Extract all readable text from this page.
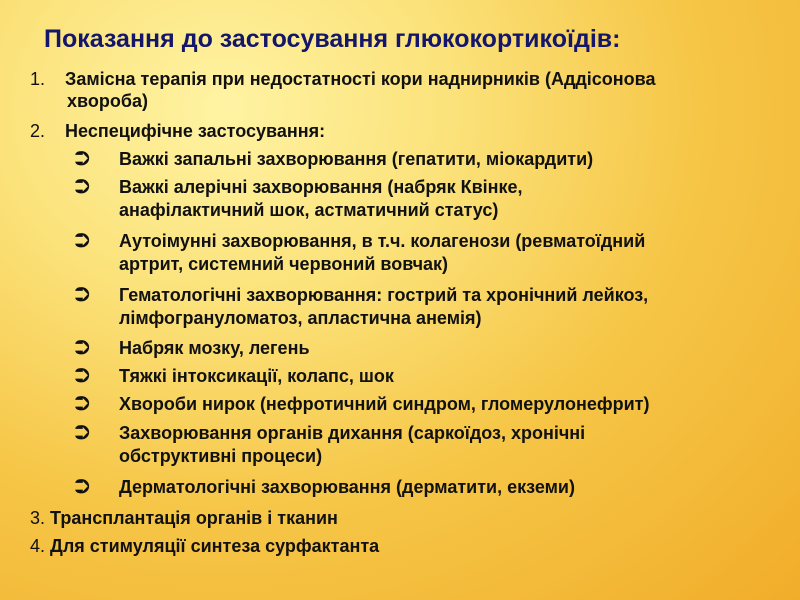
Показання до застосування глюкокортикоїдів:

1. Замісна терапія при недостатності кори наднирників (Аддісонова
хвороба)

2. Неспецифічне застосування:

⮊	Важкі запальні захворювання (гепатити, міокардити)
⮊	Важкі алерічні захворювання (набряк Квінке,
анафілактичний шок, астматичний статус)
⮊	Аутоімунні захворювання, в т.ч. колагенози (ревматоїдний
артрит, системний червоний вовчак)
⮊	Гематологічні захворювання: гострий та хронічний лейкоз,
лімфогрануломатоз, апластична анемія)
⮊	Набряк мозку, легень
⮊	Тяжкі інтоксикації, колапс, шок
⮊	Хвороби нирок (нефротичний синдром, гломерулонефрит)
⮊	Захворювання органів дихання (саркоїдоз, хронічні
обструктивні процеси)
⮊	Дерматологічні захворювання (дерматити, екземи)

3. Трансплантація органів і тканин

4. Для стимуляції синтеза сурфактанта
